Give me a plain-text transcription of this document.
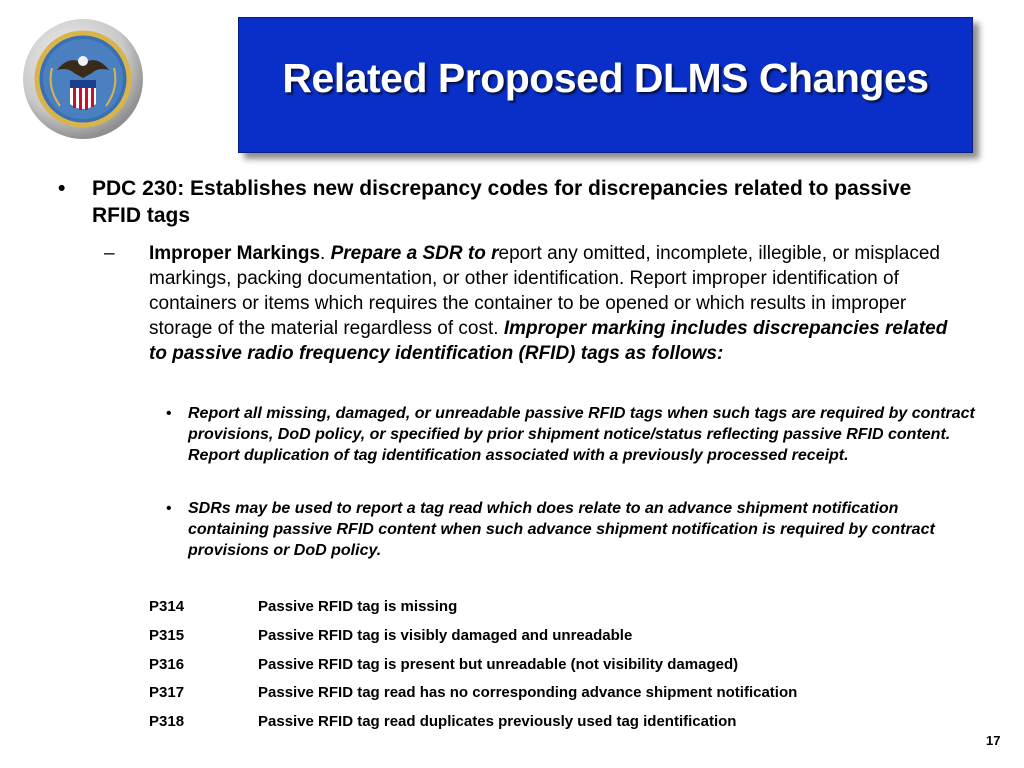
Related Proposed DLMS Changes
• PDC 230: Establishes new discrepancy codes for discrepancies related to passive RFID tags
– Improper Markings. Prepare a SDR to report any omitted, incomplete, illegible, or misplaced markings, packing documentation, or other identification. Report improper identification of containers or items which requires the container to be opened or which results in improper storage of the material regardless of cost. Improper marking includes discrepancies related to passive radio frequency identification (RFID) tags as follows:
• Report all missing, damaged, or unreadable passive RFID tags when such tags are required by contract provisions, DoD policy, or specified by prior shipment notice/status reflecting passive RFID content. Report duplication of tag identification associated with a previously processed receipt.
• SDRs may be used to report a tag read which does relate to an advance shipment notification containing passive RFID content when such advance shipment notification is required by contract provisions or DoD policy.
P314	Passive RFID tag is missing
P315	Passive RFID tag is visibly damaged and unreadable
P316	Passive RFID tag is present but unreadable (not visibility damaged)
P317	Passive RFID tag read has no corresponding advance shipment notification
P318	Passive RFID tag read duplicates previously used tag identification
17
